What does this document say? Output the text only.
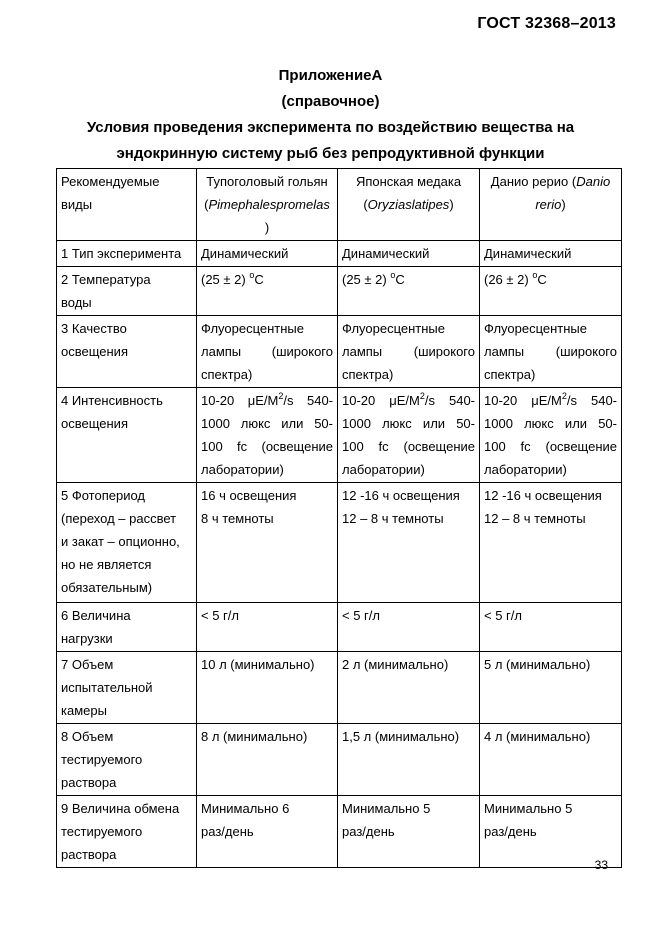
ГОСТ 32368–2013
ПриложениеА
(справочное)
Условия проведения эксперимента по воздействию вещества на
эндокринную систему рыб без репродуктивной функции
Рекомендуемые
виды	Тупоголовый гольян
(Pimephalespromelas
)	Японская медака
(Oryziaslatipes)	Данио рерио (Danio
rerio)

1 Тип эксперимента	Динамический	Динамический	Динамический

2 Температура
воды	(25 ± 2) $^o$С	(25 ± 2) $^o$С	(26 ± 2) $^o$С

3 Качество
освещения	Флуоресцентные
лампы (широкого
спектра)	Флуоресцентные
лампы (широкого
спектра)	Флуоресцентные
лампы (широкого
спектра)

4 Интенсивность
освещения	10-20 $\mu E/M^2/s$ 540-
1000 люкс или 50-
100 fc (освещение
лаборатории)	10-20 $\mu E/M^2/s$ 540-
1000 люкс или 50-
100 fc (освещение
лаборатории)	10-20 $\mu E/M^2/s$ 540-
1000 люкс или 50-
100 fc (освещение
лаборатории)

5 Фотопериод
(переход – рассвет
и закат – опционно,
но не является
обязательным)	16 ч освещения
8 ч темноты	12 -16 ч освещения
12 – 8 ч темноты	12 -16 ч освещения
12 – 8 ч темноты

6 Величина
нагрузки	< 5 г/л	< 5 г/л	< 5 г/л

7 Объем
испытательной
камеры	10 л (минимально)	2 л (минимально)	5 л (минимально)

8 Объем
тестируемого
раствора	8 л (минимально)	1,5 л (минимально)	4 л (минимально)

9 Величина обмена
тестируемого
раствора	Минимально 6
раз/день	Минимально 5
раз/день	Минимально 5
раз/день
33
